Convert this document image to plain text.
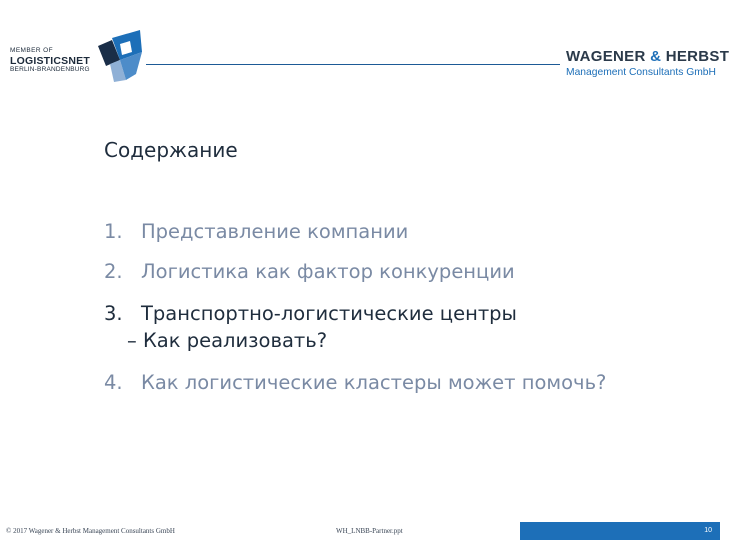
MEMBER OF
LOGISTICSNET
BERLIN-BRANDENBURG
WAGENER & HERBST
Management Consultants GmbH
Содержание
1. Представление компании
2. Логистика как фактор конкуренции
3. Транспортно-логистические центры
– Как реализовать?
4. Как логистические кластеры может помочь?
© 2017 Wagener & Herbst Management Consultants GmbH	WH_LNBB-Partner.ppt	10
